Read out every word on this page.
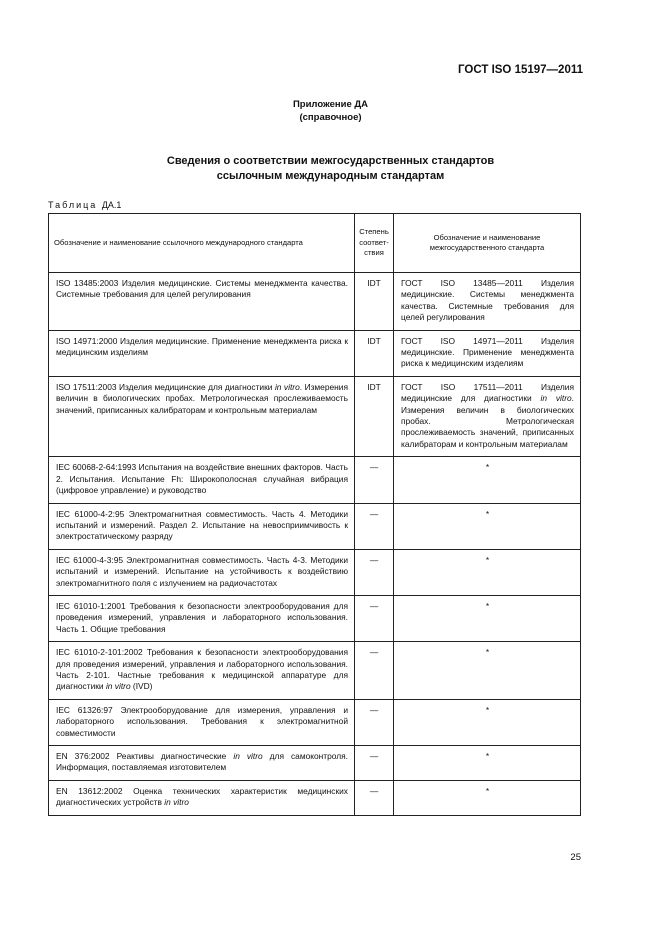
ГОСТ ISO 15197—2011
Приложение ДА
(справочное)
Сведения о соответствии межгосударственных стандартов
ссылочным международным стандартам
Таблица ДА.1
Обозначение и наименование ссылочного международного стандарта	Степень соответ-ствия	Обозначение и наименование межгосударственного стандарта
ISO 13485:2003 Изделия медицинские. Системы менеджмента качества. Системные требования для целей регулирования	IDT	ГОСТ ISO 13485—2011 Изделия медицинские. Системы менеджмента качества. Системные требования для целей регулирования
ISO 14971:2000 Изделия медицинские. Применение менеджмента риска к медицинским изделиям	IDT	ГОСТ ISO 14971—2011 Изделия медицинские. Применение менеджмента риска к медицинским изделиям
ISO 17511:2003 Изделия медицинские для диагностики in vitro. Измерения величин в биологических пробах. Метрологическая прослеживаемость значений, приписанных калибраторам и контрольным материалам	IDT	ГОСТ ISO 17511—2011 Изделия медицинские для диагностики in vitro. Измерения величин в биологических пробах. Метрологическая прослеживаемость значений, приписанных калибраторам и контрольным материалам
IEC 60068-2-64:1993 Испытания на воздействие внешних факторов. Часть 2. Испытания. Испытание Fh: Широкополосная случайная вибрация (цифровое управление) и руководство	—	*
IEC 61000-4-2:95 Электромагнитная совместимость. Часть 4. Методики испытаний и измерений. Раздел 2. Испытание на невосприимчивость к электростатическому разряду	—	*
IEC 61000-4-3:95 Электромагнитная совместимость. Часть 4-3. Методики испытаний и измерений. Испытание на устойчивость к воздействию электромагнитного поля с излучением на радиочастотах	—	*
IEC 61010-1:2001 Требования к безопасности электрооборудования для проведения измерений, управления и лабораторного использования. Часть 1. Общие требования	—	*
IEC 61010-2-101:2002 Требования к безопасности электрооборудования для проведения измерений, управления и лабораторного использования. Часть 2-101. Частные требования к медицинской аппаратуре для диагностики in vitro (IVD)	—	*
IEC 61326:97 Электрооборудование для измерения, управления и лабораторного использования. Требования к электромагнитной совместимости	—	*
EN 376:2002 Реактивы диагностические in vitro для самоконтроля. Информация, поставляемая изготовителем	—	*
EN 13612:2002 Оценка технических характеристик медицинских диагностических устройств in vitro	—	*
25
